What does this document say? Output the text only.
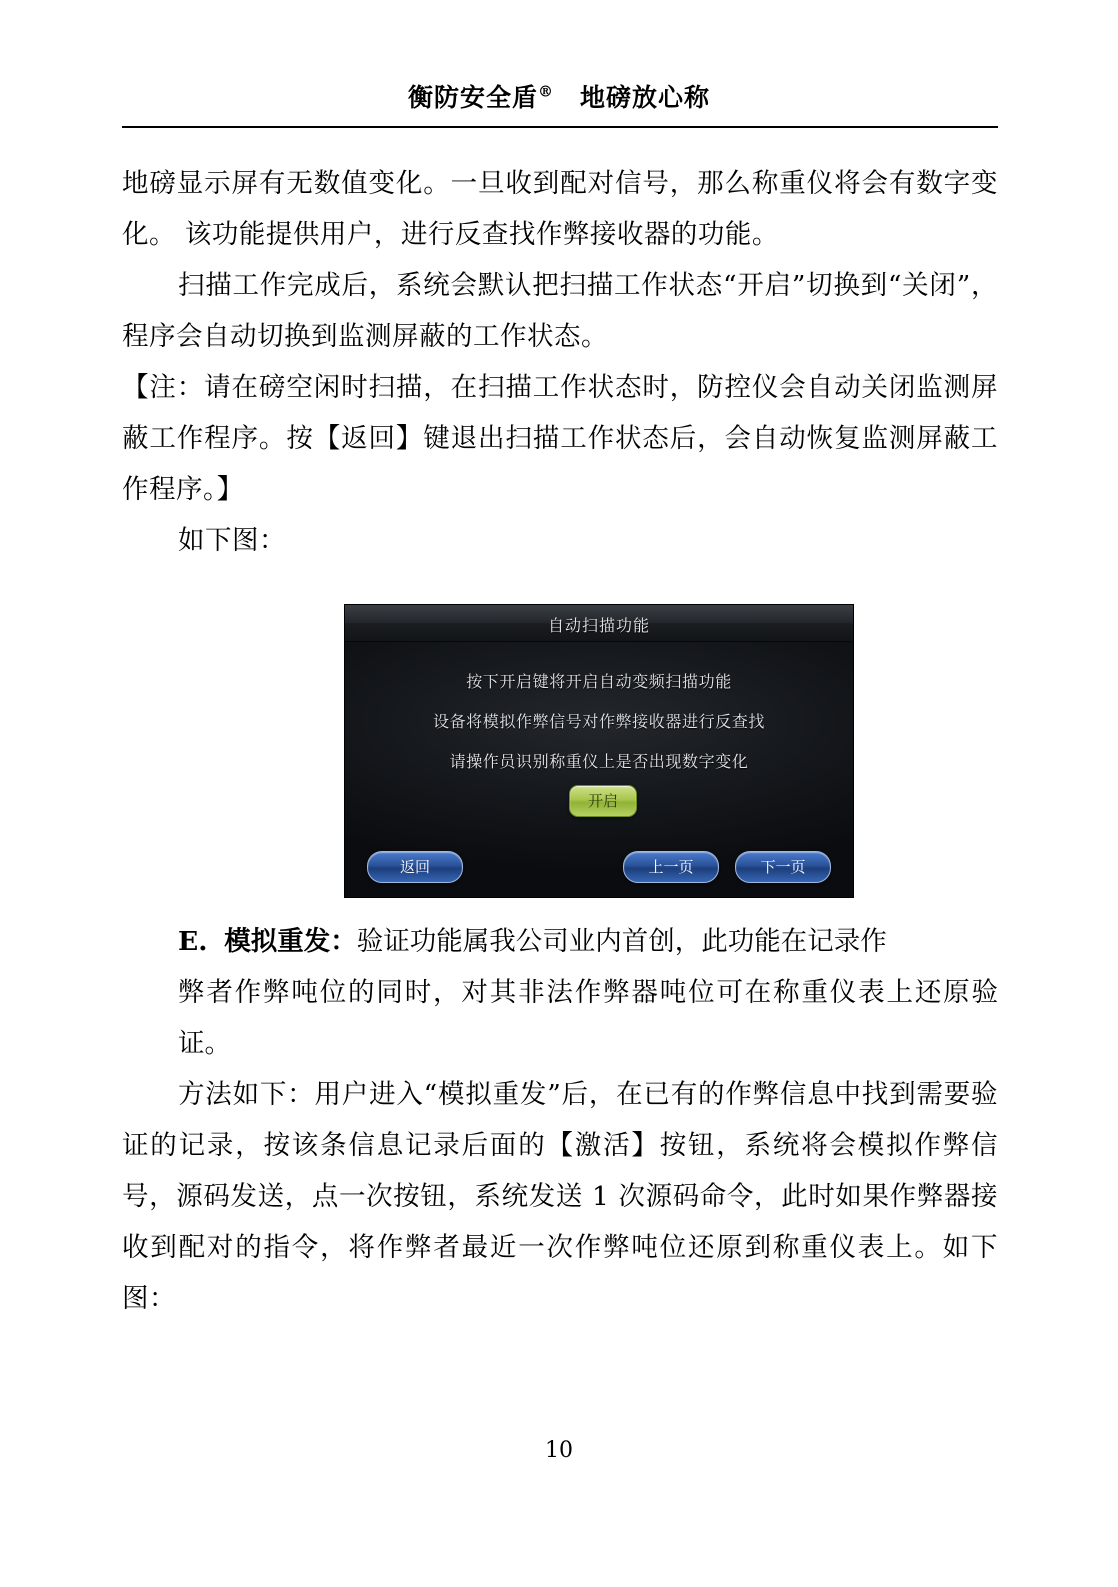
衡防安全盾® 地磅放心称

地磅显示屏有无数值变化。一旦收到配对信号，那么称重仪将会有数字变化。 该功能提供用户，进行反查找作弊接收器的功能。

扫描工作完成后，系统会默认把扫描工作状态“开启”切换到“关闭”，程序会自动切换到监测屏蔽的工作状态。

【注：请在磅空闲时扫描，在扫描工作状态时，防控仪会自动关闭监测屏蔽工作程序。按【返回】键退出扫描工作状态后，会自动恢复监测屏蔽工作程序。】

如下图：

自动扫描功能
按下开启键将开启自动变频扫描功能
设备将模拟作弊信号对作弊接收器进行反查找
请操作员识别称重仪上是否出现数字变化
开启
返回	上一页	下一页

E. 模拟重发：验证功能属我公司业内首创，此功能在记录作

弊者作弊吨位的同时，对其非法作弊器吨位可在称重仪表上还原验证。

方法如下：用户进入“模拟重发”后，在已有的作弊信息中找到需要验证的记录，按该条信息记录后面的【激活】按钮，系统将会模拟作弊信号，源码发送，点一次按钮，系统发送 1 次源码命令，此时如果作弊器接收到配对的指令，将作弊者最近一次作弊吨位还原到称重仪表上。如下图：

10
